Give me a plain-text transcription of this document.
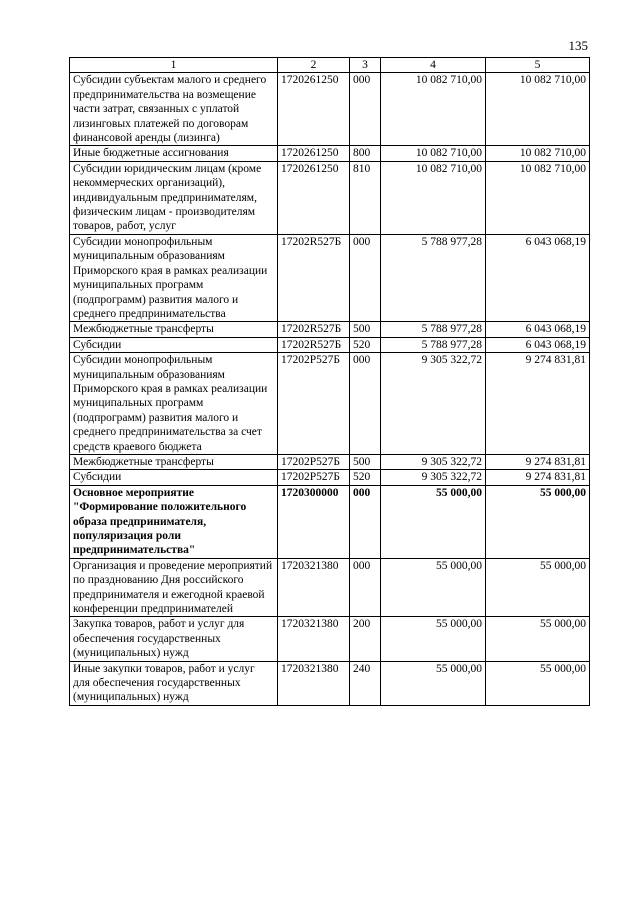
135
1	2	3	4	5
Субсидии субъектам малого и среднего предпринимательства на возмещение части затрат, связанных с уплатой лизинговых платежей по договорам финансовой аренды (лизинга)	1720261250	000	10 082 710,00	10 082 710,00
Иные бюджетные ассигнования	1720261250	800	10 082 710,00	10 082 710,00
Субсидии юридическим лицам (кроме некоммерческих организаций), индивидуальным предпринимателям, физическим лицам - производителям товаров, работ, услуг	1720261250	810	10 082 710,00	10 082 710,00
Субсидии монопрофильным муниципальным образованиям Приморского края в рамках реализации муниципальных программ (подпрограмм) развития малого и среднего предпринимательства	17202R527Б	000	5 788 977,28	6 043 068,19
Межбюджетные трансферты	17202R527Б	500	5 788 977,28	6 043 068,19
Субсидии	17202R527Б	520	5 788 977,28	6 043 068,19
Субсидии монопрофильным муниципальным образованиям Приморского края в рамках реализации муниципальных программ (подпрограмм) развития малого и среднего предпринимательства за счет средств краевого бюджета	17202P527Б	000	9 305 322,72	9 274 831,81
Межбюджетные трансферты	17202P527Б	500	9 305 322,72	9 274 831,81
Субсидии	17202P527Б	520	9 305 322,72	9 274 831,81
Основное мероприятие "Формирование положительного образа предпринимателя, популяризация роли предпринимательства"	1720300000	000	55 000,00	55 000,00
Организация и проведение мероприятий по празднованию Дня российского предпринимателя и ежегодной краевой конференции предпринимателей	1720321380	000	55 000,00	55 000,00
Закупка товаров, работ и услуг для обеспечения государственных (муниципальных) нужд	1720321380	200	55 000,00	55 000,00
Иные закупки товаров, работ и услуг для обеспечения государственных (муниципальных) нужд	1720321380	240	55 000,00	55 000,00
